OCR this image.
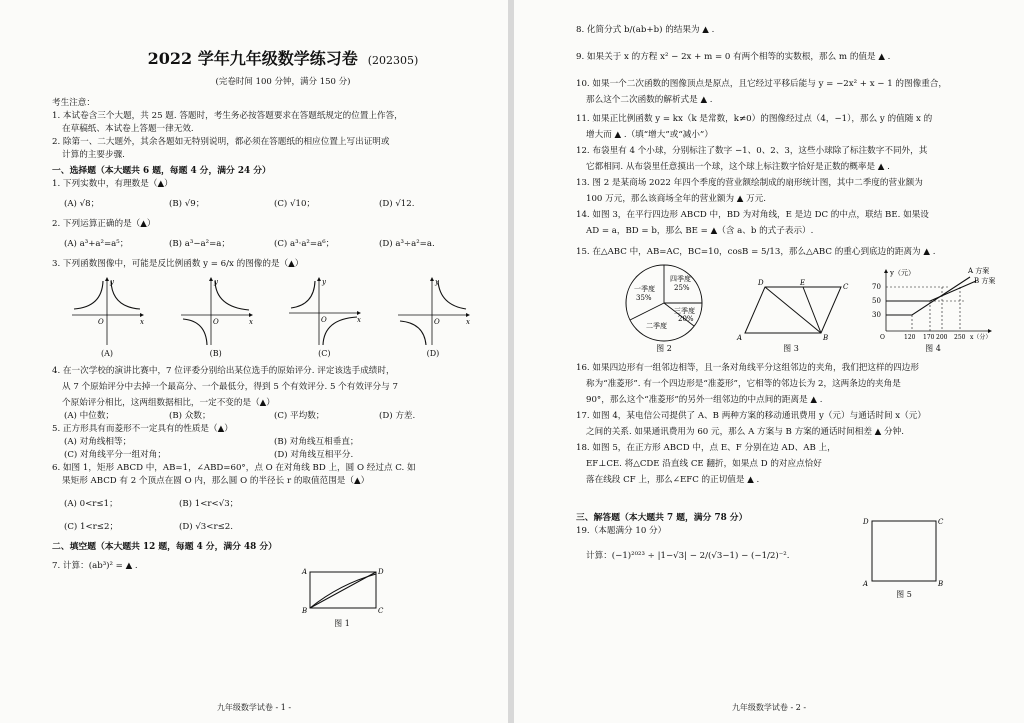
2022 学年九年级数学练习卷 (202305)
(完卷时间 100 分钟，满分 150 分)
考生注意：
1. 本试卷含三个大题，共 25 题. 答题时，考生务必按答题要求在答题纸规定的位置上作答，
在草稿纸、本试卷上答题一律无效.
2. 除第一、二大题外，其余各题如无特别说明，都必须在答题纸的相应位置上写出证明或
计算的主要步骤.
一、选择题（本大题共 6 题，每题 4 分，满分 24 分）
1. 下列实数中，有理数是（▲）
(A) √8；	(B) √9；	(C) √10；	(D) √12.
2. 下列运算正确的是（▲）
(A) a³+a²=a⁵；	(B) a³−a²=a；	(C) a³·a²=a⁶；	(D) a³÷a²=a.
3. 下列函数图像中，可能是反比例函数 y = 6/x 的图像的是（▲）
y
x
O
(A)
y
x
O
(B)
y
x
O
(C)
y
x
O
(D)
4. 在一次学校的演讲比赛中，7 位评委分别给出某位选手的原始评分. 评定该选手成绩时，
从 7 个原始评分中去掉一个最高分、一个最低分，得到 5 个有效评分. 5 个有效评分与 7
个原始评分相比，这两组数据相比，一定不变的是（▲）
(A) 中位数；	(B) 众数；	(C) 平均数；	(D) 方差.
5. 正方形具有而菱形不一定具有的性质是（▲）
(A) 对角线相等；	(B) 对角线互相垂直；
(C) 对角线平分一组对角；	(D) 对角线互相平分.
6. 如图 1，矩形 ABCD 中，AB=1，∠ABD=60°，点 O 在对角线 BD 上，圆 O 经过点 C. 如
果矩形 ABCD 有 2 个顶点在圆 O 内，那么圆 O 的半径长 r 的取值范围是（▲）
(A) 0<r≤1；	(B) 1<r<√3；
(C) 1<r≤2；	(D) √3<r≤2.
二、填空题（本大题共 12 题，每题 4 分，满分 48 分）
7. 计算：(ab³)² = ▲ .
A	D
B	C
图 1
九年级数学试卷 - 1 -
8. 化简分式 b/(ab+b) 的结果为 ▲ .
9. 如果关于 x 的方程 x² − 2x + m = 0 有两个相等的实数根，那么 m 的值是 ▲ .
10. 如果一个二次函数的图像顶点是原点，且它经过平移后能与 y = −2x² + x − 1 的图像重合，
那么这个二次函数的解析式是 ▲ .
11. 如果正比例函数 y = kx（k 是常数，k≠0）的图像经过点（4，−1），那么 y 的值随 x 的
增大而 ▲ .（填“增大”或“减小”）
12. 布袋里有 4 个小球，分别标注了数字 −1、0、2、3，这些小球除了标注数字不同外，其
它都相同. 从布袋里任意摸出一个球，这个球上标注数字恰好是正数的概率是 ▲ .
13. 图 2 是某商场 2022 年四个季度的营业额绘制成的扇形统计图，其中二季度的营业额为
100 万元，那么该商场全年的营业额为 ▲ 万元.
14. 如图 3，在平行四边形 ABCD 中，BD 为对角线，E 是边 DC 的中点，联结 BE. 如果设
AD = a，BD = b，那么 BE = ▲（含 a、b 的式子表示）.
15. 在△ABC 中，AB=AC，BC=10，cosB = 5/13，那么△ABC 的重心到底边的距离为 ▲ .
一季度
35%
四季度
25%
三季度
20%
二季度
图 2
D	E	C
A	B
图 3
y（元）	A 方案
B 方案
70
50
30
O	120 170 200 250 x（分）
图 4
16. 如果四边形有一组邻边相等，且一条对角线平分这组邻边的夹角，我们把这样的四边形
称为“准菱形”. 有一个四边形是“准菱形”，它相等的邻边长为 2，这两条边的夹角是
90°，那么这个“准菱形”的另外一组邻边的中点间的距离是 ▲ .
17. 如图 4，某电信公司提供了 A、B 两种方案的移动通讯费用 y（元）与通话时间 x（元）
之间的关系. 如果通讯费用为 60 元，那么 A 方案与 B 方案的通话时间相差 ▲ 分钟.
18. 如图 5，在正方形 ABCD 中，点 E、F 分别在边 AD、AB 上，
EF⊥CE. 将△CDE 沿直线 CE 翻折，如果点 D 的对应点恰好
落在线段 CF 上，那么∠EFC 的正切值是 ▲ .
三、解答题（本大题共 7 题，满分 78 分）
19.（本题满分 10 分）
计算：(−1)²⁰²³ ÷ |1−√3| − 2/(√3−1) − (−1/2)⁻².
D	C
A	B
图 5
九年级数学试卷 - 2 -
